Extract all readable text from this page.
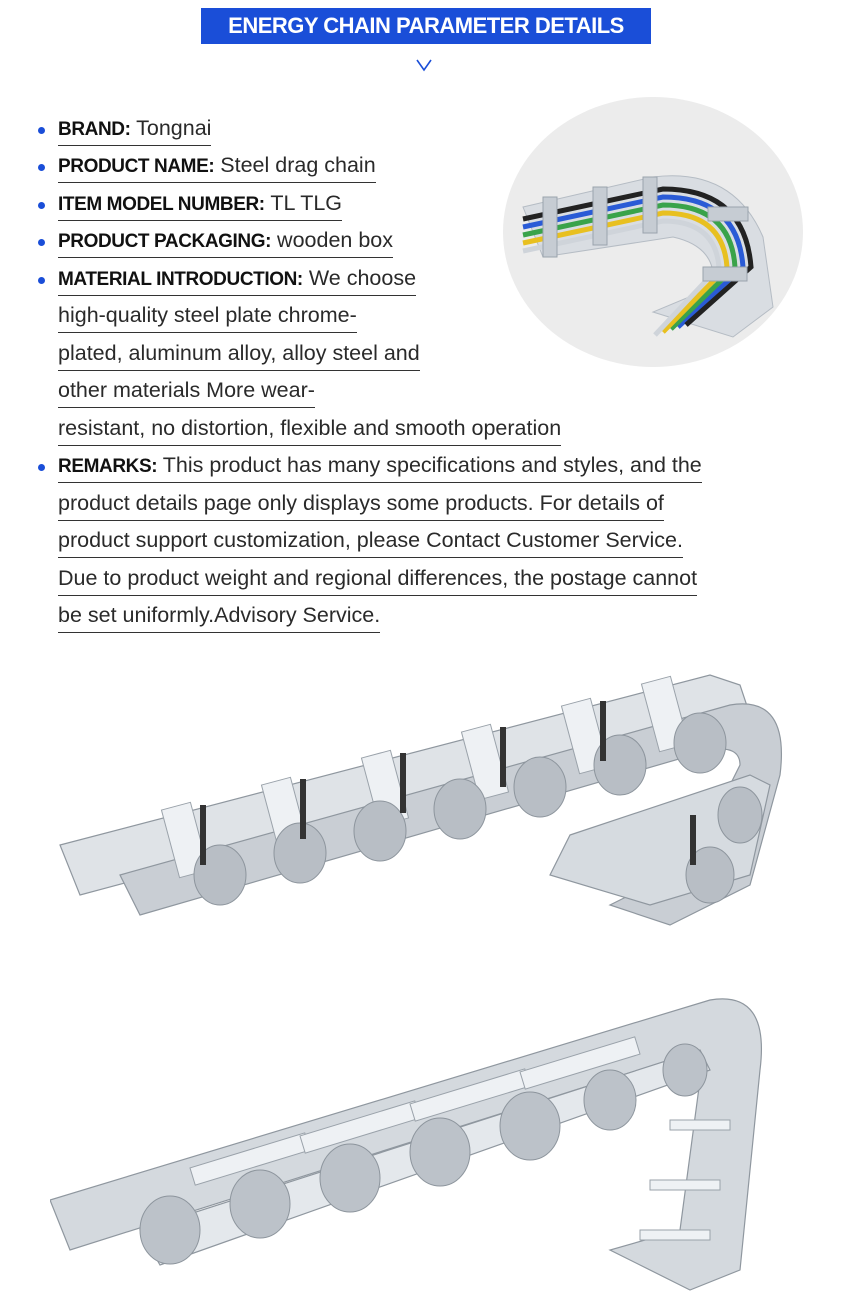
ENERGY CHAIN PARAMETER DETAILS
BRAND: Tongnai
PRODUCT NAME: Steel drag chain
ITEM MODEL NUMBER: TL TLG
PRODUCT PACKAGING: wooden box
MATERIAL INTRODUCTION: We choose
high-quality steel plate chrome-
plated, aluminum alloy, alloy steel and
other materials More wear-
resistant, no distortion, flexible and smooth operation
REMARKS: This product has many specifications and styles, and the
product details page only displays some products. For details of
product support customization, please Contact Customer Service.
Due to product weight and regional differences, the postage cannot
be set uniformly.Advisory Service.
